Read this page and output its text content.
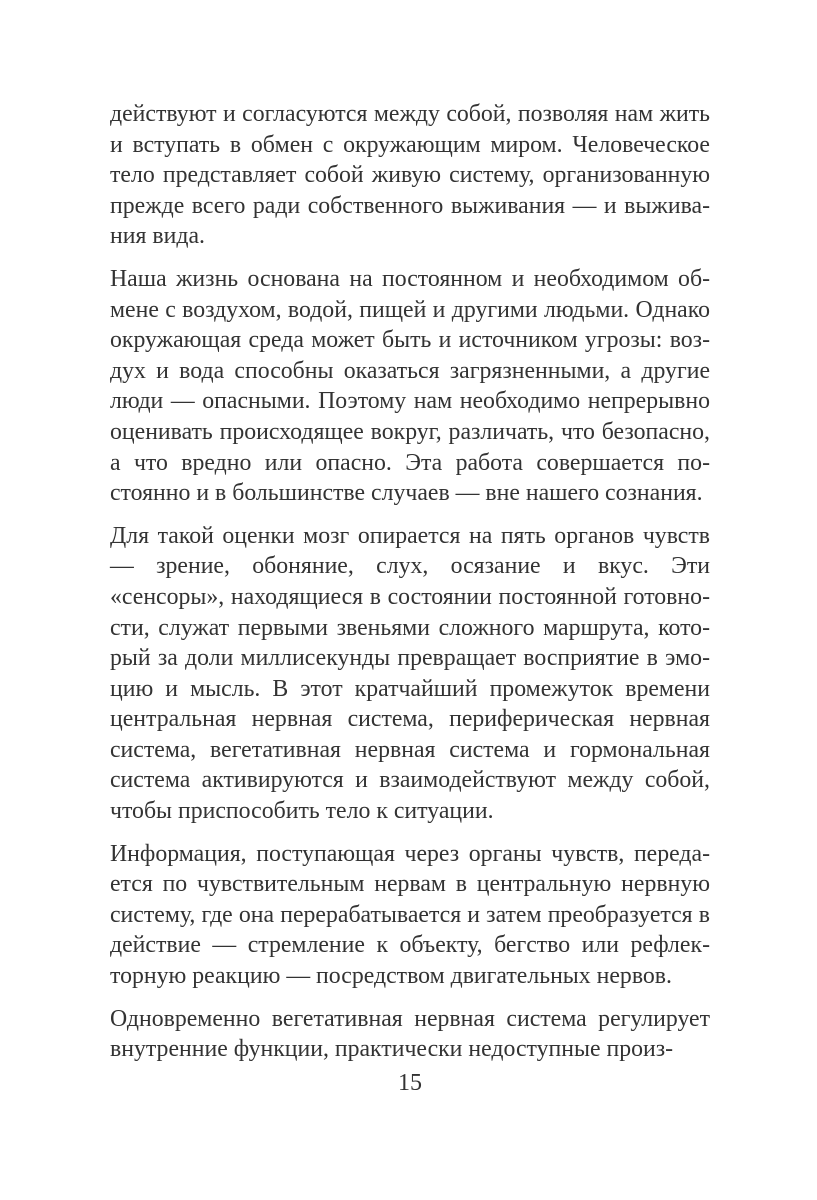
действуют и согласуются между собой, позволяя нам жить и вступать в обмен с окружающим миром. Человеческое тело представляет собой живую систему, организованную прежде всего ради собственного выживания — и выживания вида.

Наша жизнь основана на постоянном и необходимом обмене с воздухом, водой, пищей и другими людьми. Однако окружающая среда может быть и источником угрозы: воздух и вода способны оказаться загрязненными, а другие люди — опасными. Поэтому нам необходимо непрерывно оценивать происходящее вокруг, различать, что безопасно, а что вредно или опасно. Эта работа совершается постоянно и в большинстве случаев — вне нашего сознания.

Для такой оценки мозг опирается на пять органов чувств — зрение, обоняние, слух, осязание и вкус. Эти «сенсоры», находящиеся в состоянии постоянной готовности, служат первыми звеньями сложного маршрута, который за доли миллисекунды превращает восприятие в эмоцию и мысль. В этот кратчайший промежуток времени центральная нервная система, периферическая нервная система, вегетативная нервная система и гормональная система активируются и взаимодействуют между собой, чтобы приспособить тело к ситуации.

Информация, поступающая через органы чувств, передается по чувствительным нервам в центральную нервную систему, где она перерабатывается и затем преобразуется в действие — стремление к объекту, бегство или рефлекторную реакцию — посредством двигательных нервов.

Одновременно вегетативная нервная система регулирует внутренние функции, практически недоступные произ-

15
